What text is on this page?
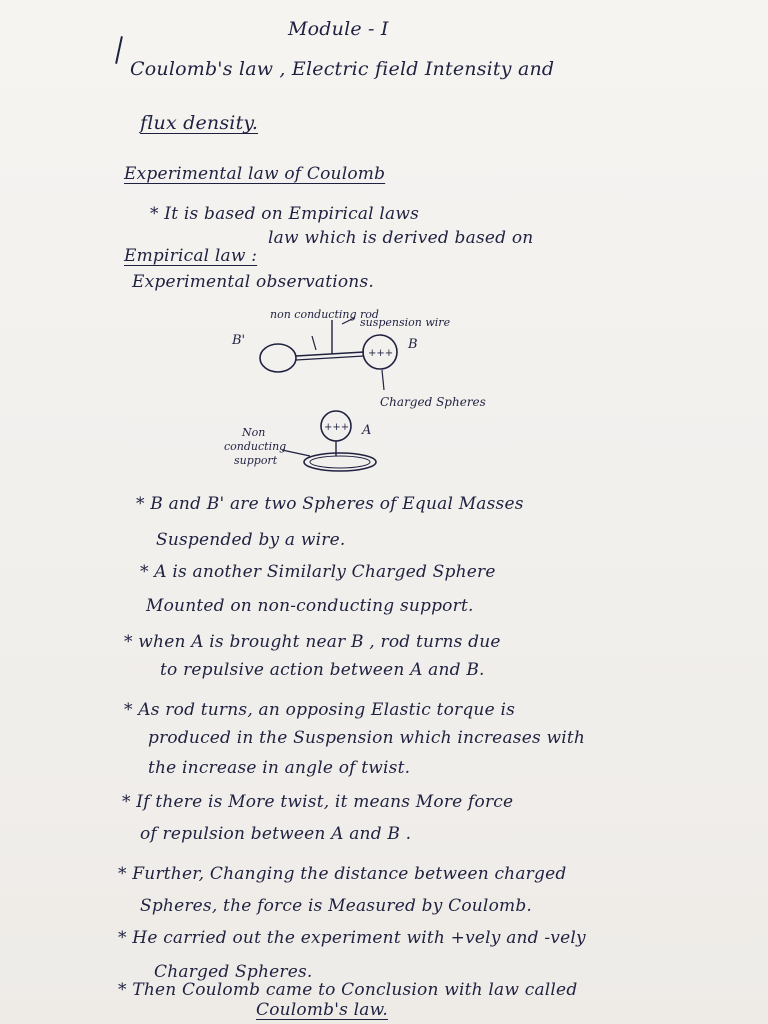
Module - I
Coulomb's law , Electric field Intensity and
flux density.
Experimental law of Coulomb
* It is based on Empirical laws
Empirical law :
law which is derived based on
Experimental observations.
+++
non conducting rod
suspension wire
B'	B
Charged Spheres
+++ A
Non
conducting
support
* B and B' are two Spheres of Equal Masses
Suspended by a wire.
* A is another Similarly Charged Sphere
Mounted on non-conducting support.
* when A is brought near B , rod turns due
to repulsive action between A and B.
* As rod turns, an opposing Elastic torque is
produced in the Suspension which increases with
the increase in angle of twist.
* If there is More twist, it means More force
of repulsion between A and B .
* Further, Changing the distance between charged
Spheres, the force is Measured by Coulomb.
* He carried out the experiment with +vely and -vely
Charged Spheres.
* Then Coulomb came to Conclusion with law called
Coulomb's law.
